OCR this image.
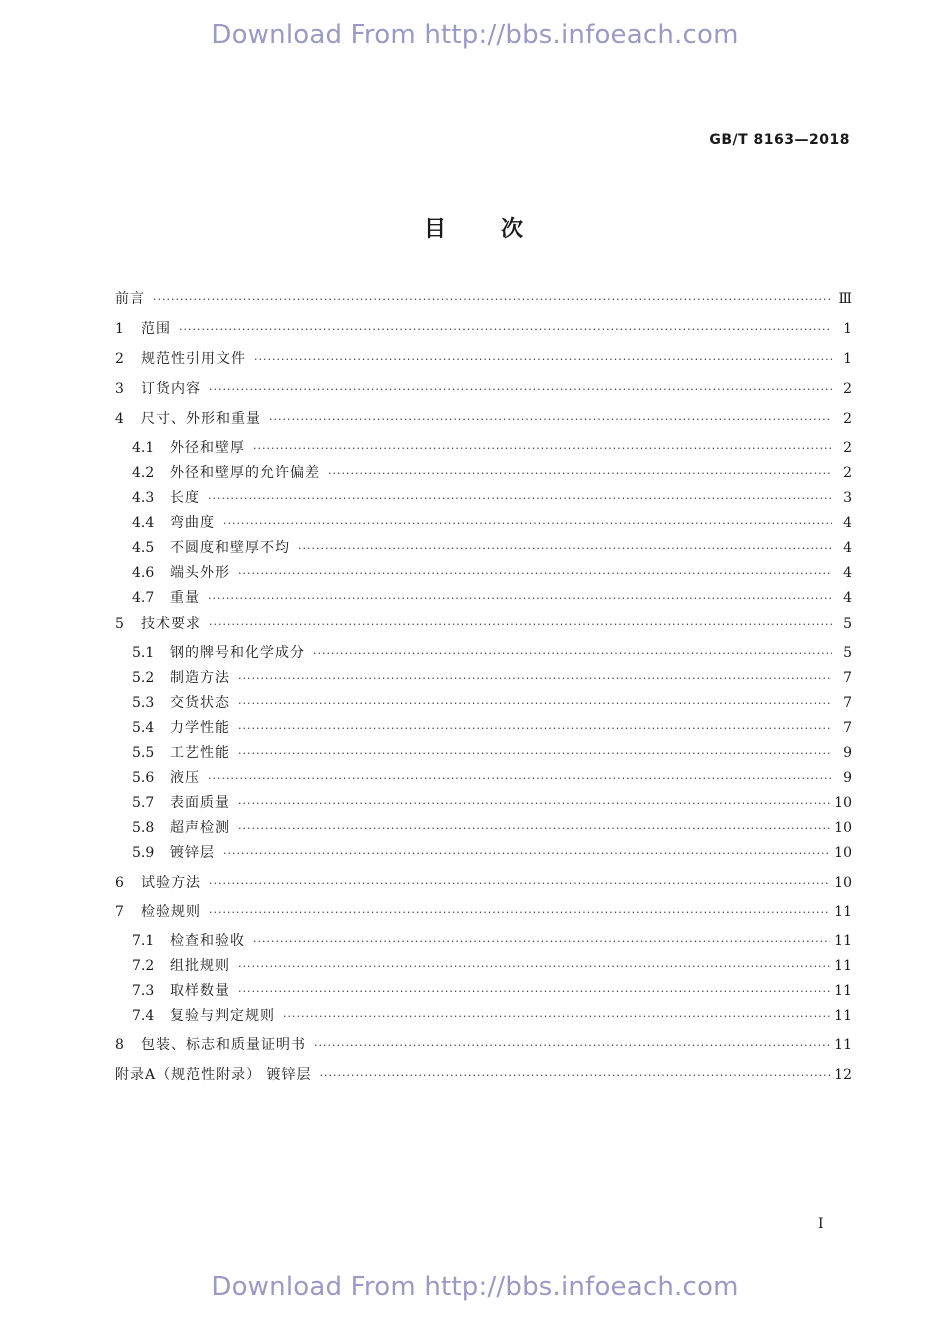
Download From http://bbs.infoeach.com
GB/T 8163—2018
目 次
前言 ·····	Ⅲ
1	范围 ·····	1
2	规范性引用文件 ·····	1
3	订货内容 ·····	2
4	尺寸、外形和重量 ·····	2
4.1	外径和壁厚 ·····	2
4.2	外径和壁厚的允许偏差 ·····	2
4.3	长度 ·····	3
4.4	弯曲度 ·····	4
4.5	不圆度和壁厚不均 ·····	4
4.6	端头外形 ·····	4
4.7	重量 ·····	4
5	技术要求 ·····	5
5.1	钢的牌号和化学成分 ·····	5
5.2	制造方法 ·····	7
5.3	交货状态 ·····	7
5.4	力学性能 ·····	7
5.5	工艺性能 ·····	9
5.6	液压 ·····	9
5.7	表面质量 ·····	10
5.8	超声检测 ·····	10
5.9	镀锌层 ·····	10
6	试验方法 ·····	10
7	检验规则 ·····	11
7.1	检查和验收 ·····	11
7.2	组批规则 ·····	11
7.3	取样数量 ·····	11
7.4	复验与判定规则 ·····	11
8	包装、标志和质量证明书 ·····	11
附录A（规范性附录） 镀锌层 ·····	12
I
Download From http://bbs.infoeach.com
